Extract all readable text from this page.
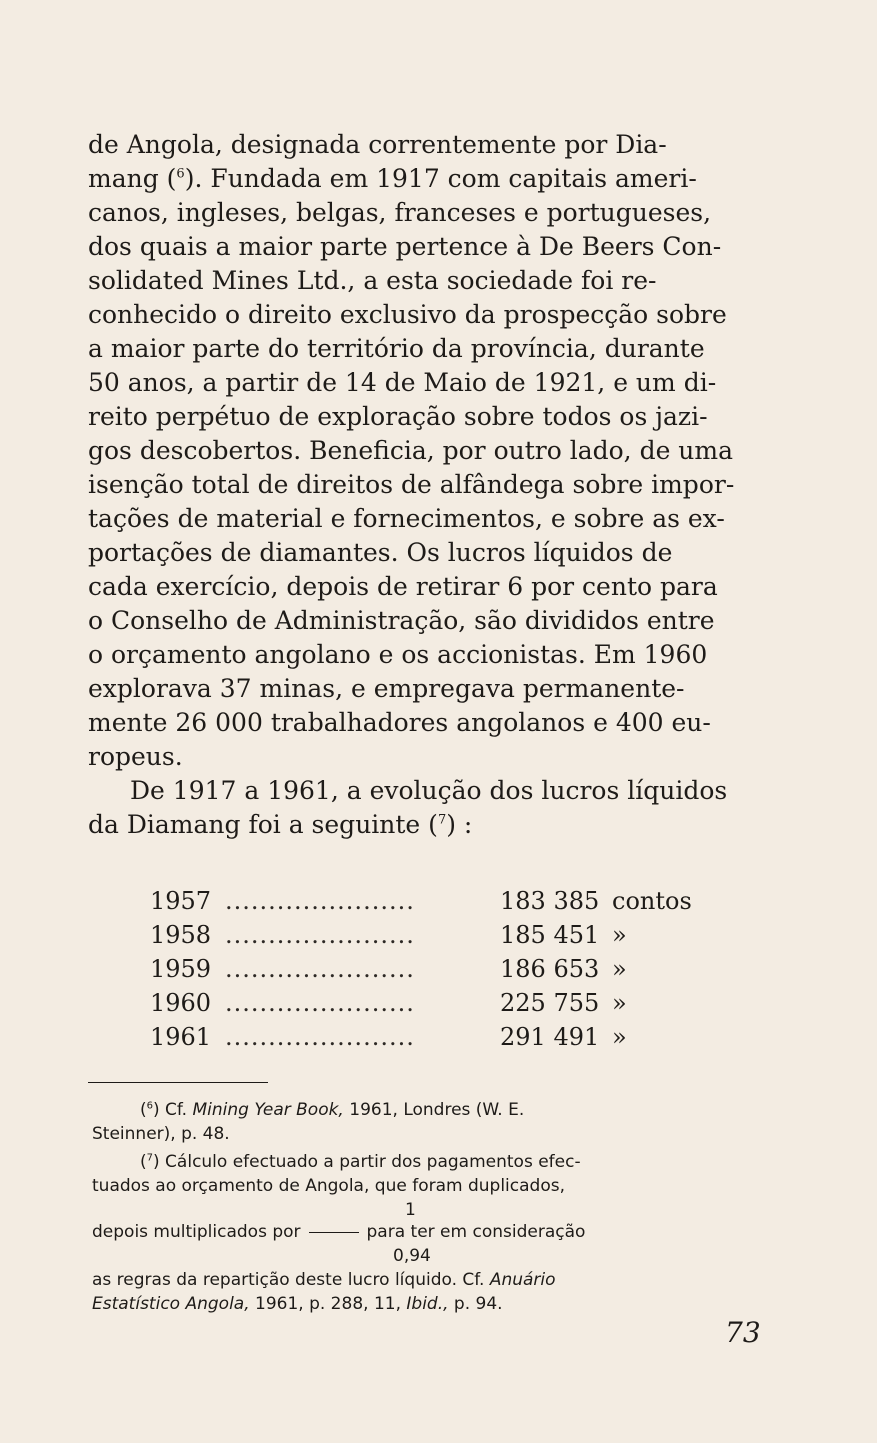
de Angola, designada correntemente por Dia-
mang ($^6$). Fundada em 1917 com capitais ameri-
canos, ingleses, belgas, franceses e portugueses,
dos quais a maior parte pertence à De Beers Con-
solidated Mines Ltd., a esta sociedade foi re-
conhecido o direito exclusivo da prospecção sobre
a maior parte do território da província, durante
50 anos, a partir de 14 de Maio de 1921, e um di-
reito perpétuo de exploração sobre todos os jazi-
gos descobertos. Beneficia, por outro lado, de uma
isenção total de direitos de alfândega sobre impor-
tações de material e fornecimentos, e sobre as ex-
portações de diamantes. Os lucros líquidos de
cada exercício, depois de retirar 6 por cento para
o Conselho de Administração, são divididos entre
o orçamento angolano e os accionistas. Em 1960
explorava 37 minas, e empregava permanente-
mente 26 000 trabalhadores angolanos e 400 eu-
ropeus.
De 1917 a 1961, a evolução dos lucros líquidos
da Diamang foi a seguinte ($^7$) :
1957 ......................	183 385 contos
1958 ......................	185 451 »
1959 ......................	186 653 »
1960 ......................	225 755 »
1961 ......................	291 491 »
($^6$) Cf. Mining Year Book, 1961, Londres (W. E.
Steinner), p. 48.
($^7$) Cálculo efectuado a partir dos pagamentos efec-
tuados ao orçamento de Angola, que foram duplicados,
1
depois multiplicados por	para ter em consideração
0,94
as regras da repartição deste lucro líquido. Cf. Anuário
Estatístico Angola, 1961, p. 288, 11, Ibid., p. 94.
73
